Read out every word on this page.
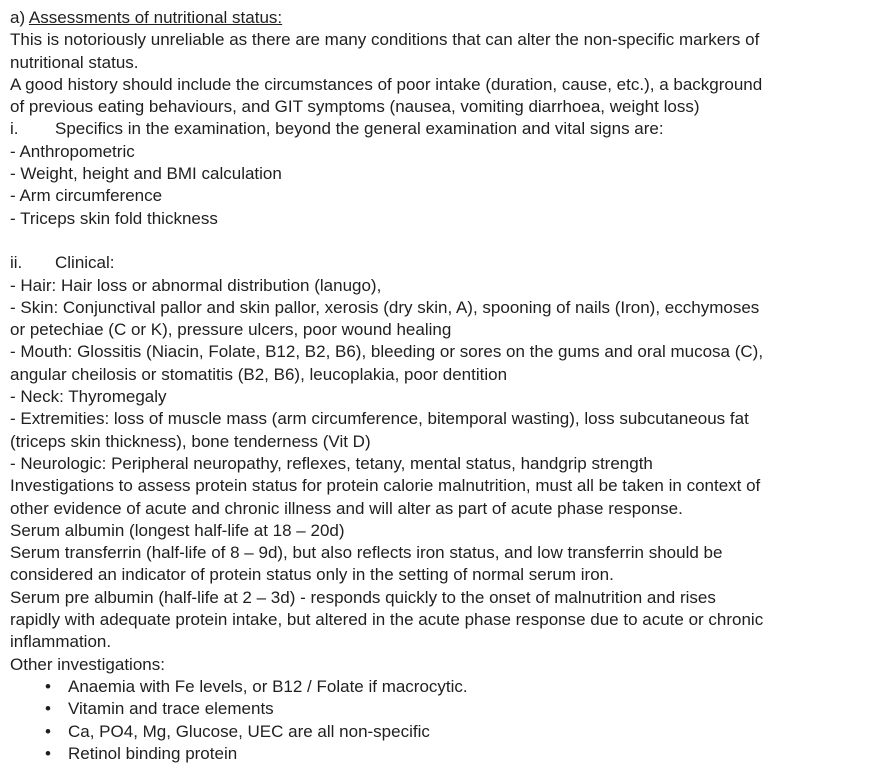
a) Assessments of nutritional status:
This is notoriously unreliable as there are many conditions that can alter the non-specific markers of
nutritional status.
A good history should include the circumstances of poor intake (duration, cause, etc.), a background
of previous eating behaviours, and GIT symptoms (nausea, vomiting diarrhoea, weight loss)
i. Specifics in the examination, beyond the general examination and vital signs are:
- Anthropometric
- Weight, height and BMI calculation
- Arm circumference
- Triceps skin fold thickness
ii. Clinical:
- Hair: Hair loss or abnormal distribution (lanugo),
- Skin: Conjunctival pallor and skin pallor, xerosis (dry skin, A), spooning of nails (Iron), ecchymoses
or petechiae (C or K), pressure ulcers, poor wound healing
- Mouth: Glossitis (Niacin, Folate, B12, B2, B6), bleeding or sores on the gums and oral mucosa (C),
angular cheilosis or stomatitis (B2, B6), leucoplakia, poor dentition
- Neck: Thyromegaly
- Extremities: loss of muscle mass (arm circumference, bitemporal wasting), loss subcutaneous fat
(triceps skin thickness), bone tenderness (Vit D)
- Neurologic: Peripheral neuropathy, reflexes, tetany, mental status, handgrip strength
Investigations to assess protein status for protein calorie malnutrition, must all be taken in context of
other evidence of acute and chronic illness and will alter as part of acute phase response.
Serum albumin (longest half-life at 18 – 20d)
Serum transferrin (half-life of 8 – 9d), but also reflects iron status, and low transferrin should be
considered an indicator of protein status only in the setting of normal serum iron.
Serum pre albumin (half-life at 2 – 3d) - responds quickly to the onset of malnutrition and rises
rapidly with adequate protein intake, but altered in the acute phase response due to acute or chronic
inflammation.
Other investigations:
• Anaemia with Fe levels, or B12 / Folate if macrocytic.
• Vitamin and trace elements
• Ca, PO4, Mg, Glucose, UEC are all non-specific
• Retinol binding protein
